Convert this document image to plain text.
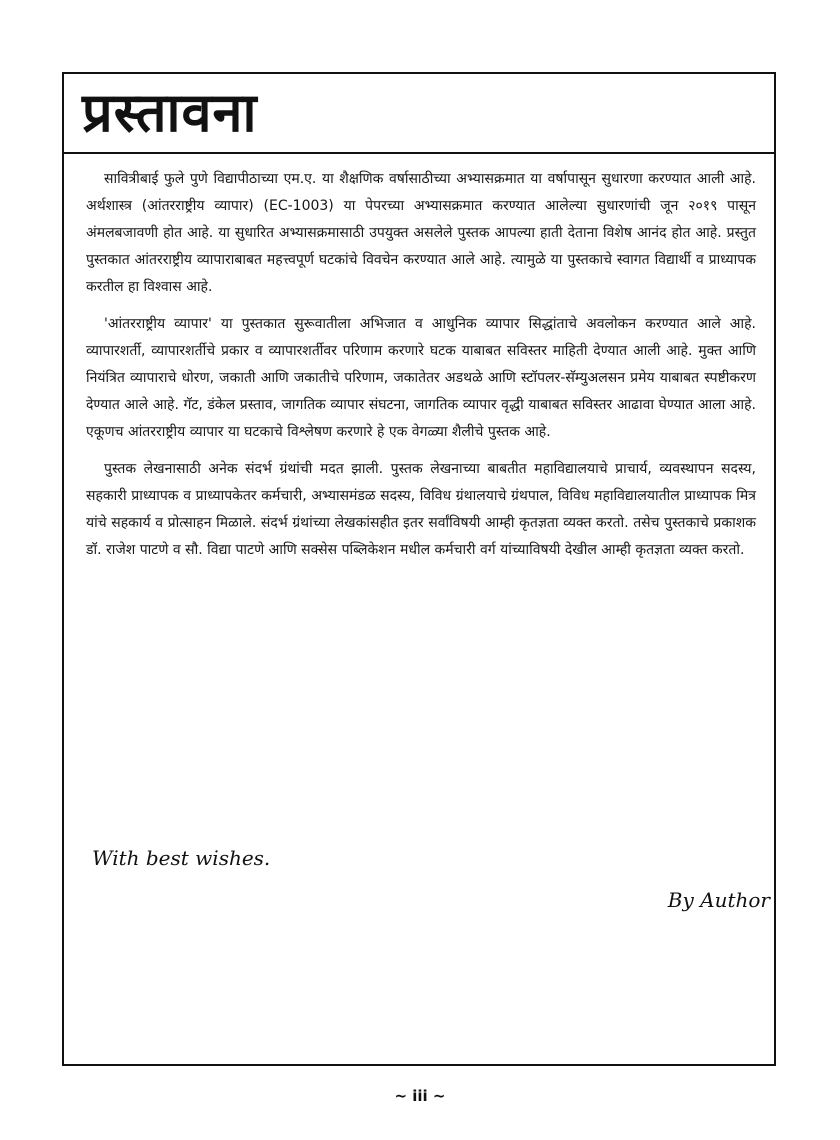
प्रस्तावना

सावित्रीबाई फुले पुणे विद्यापीठाच्या एम.ए. या शैक्षणिक वर्षासाठीच्या अभ्यासक्रमात या वर्षापासून सुधारणा करण्यात आली आहे. अर्थशास्त्र (आंतरराष्ट्रीय व्यापार) (EC-1003) या पेपरच्या अभ्यासक्रमात करण्यात आलेल्या सुधारणांची जून २०१९ पासून अंमलबजावणी होत आहे. या सुधारित अभ्यासक्रमासाठी उपयुक्त असलेले पुस्तक आपल्या हाती देताना विशेष आनंद होत आहे. प्रस्तुत पुस्तकात आंतरराष्ट्रीय व्यापाराबाबत महत्त्वपूर्ण घटकांचे विवचेन करण्यात आले आहे. त्यामुळे या पुस्तकाचे स्वागत विद्यार्थी व प्राध्यापक करतील हा विश्वास आहे.

'आंतरराष्ट्रीय व्यापार' या पुस्तकात सुरूवातीला अभिजात व आधुनिक व्यापार सिद्धांताचे अवलोकन करण्यात आले आहे. व्यापारशर्ती, व्यापारशर्तीचे प्रकार व व्यापारशर्तीवर परिणाम करणारे घटक याबाबत सविस्तर माहिती देण्यात आली आहे. मुक्त आणि नियंत्रित व्यापाराचे धोरण, जकाती आणि जकातीचे परिणाम, जकातेतर अडथळे आणि स्टॉपलर-सॅम्युअलसन प्रमेय याबाबत स्पष्टीकरण देण्यात आले आहे. गॅट, डंकेल प्रस्ताव, जागतिक व्यापार संघटना, जागतिक व्यापार वृद्धी याबाबत सविस्तर आढावा घेण्यात आला आहे. एकूणच आंतरराष्ट्रीय व्यापार या घटकाचे विश्लेषण करणारे हे एक वेगळ्या शैलीचे पुस्तक आहे.

पुस्तक लेखनासाठी अनेक संदर्भ ग्रंथांची मदत झाली. पुस्तक लेखनाच्या बाबतीत महाविद्यालयाचे प्राचार्य, व्यवस्थापन सदस्य, सहकारी प्राध्यापक व प्राध्यापकेतर कर्मचारी, अभ्यासमंडळ सदस्य, विविध ग्रंथालयाचे ग्रंथपाल, विविध महाविद्यालयातील प्राध्यापक मित्र यांचे सहकार्य व प्रोत्साहन मिळाले. संदर्भ ग्रंथांच्या लेखकांसहीत इतर सर्वांविषयी आम्ही कृतज्ञता व्यक्त करतो. तसेच पुस्तकाचे प्रकाशक डॉ. राजेश पाटणे व सौ. विद्या पाटणे आणि सक्सेस पब्लिकेशन मधील कर्मचारी वर्ग यांच्याविषयी देखील आम्ही कृतज्ञता व्यक्त करतो.

With best wishes.
By Author
~ iii ~
